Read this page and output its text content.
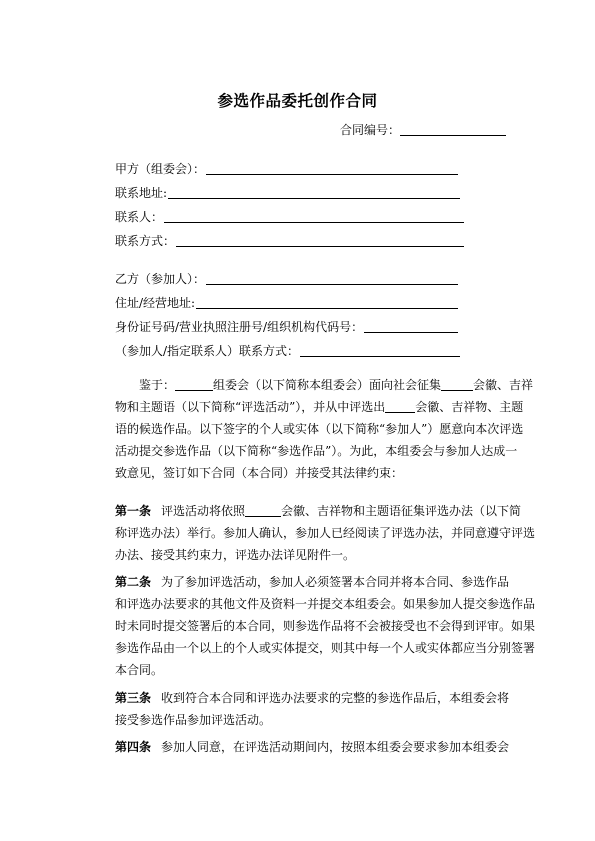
参选作品委托创作合同
合同编号：
甲方（组委会）：
联系地址:
联系人：
联系方式：
乙方（参加人）：
住址/经营地址:
身份证号码/营业执照注册号/组织机构代码号：
（参加人/指定联系人）联系方式：

鉴于：	组委会（以下简称本组委会）面向社会征集	会徽、吉祥

物和主题语（以下简称“评选活动”），并从中评选出	会徽、吉祥物、主题

语的候选作品。以下签字的个人或实体（以下简称“参加人”）愿意向本次评选

活动提交参选作品（以下简称“参选作品”）。为此，本组委会与参加人达成一

致意见，签订如下合同（本合同）并接受其法律约束：

第一条 评选活动将依照	会徽、吉祥物和主题语征集评选办法（以下简

称评选办法）举行。参加人确认，参加人已经阅读了评选办法，并同意遵守评选

办法、接受其约束力，评选办法详见附件一。

第二条 为了参加评选活动，参加人必须签署本合同并将本合同、参选作品

和评选办法要求的其他文件及资料一并提交本组委会。如果参加人提交参选作品

时未同时提交签署后的本合同，则参选作品将不会被接受也不会得到评审。如果

参选作品由一个以上的个人或实体提交，则其中每一个人或实体都应当分别签署

本合同。

第三条 收到符合本合同和评选办法要求的完整的参选作品后，本组委会将

接受参选作品参加评选活动。

第四条 参加人同意，在评选活动期间内，按照本组委会要求参加本组委会
